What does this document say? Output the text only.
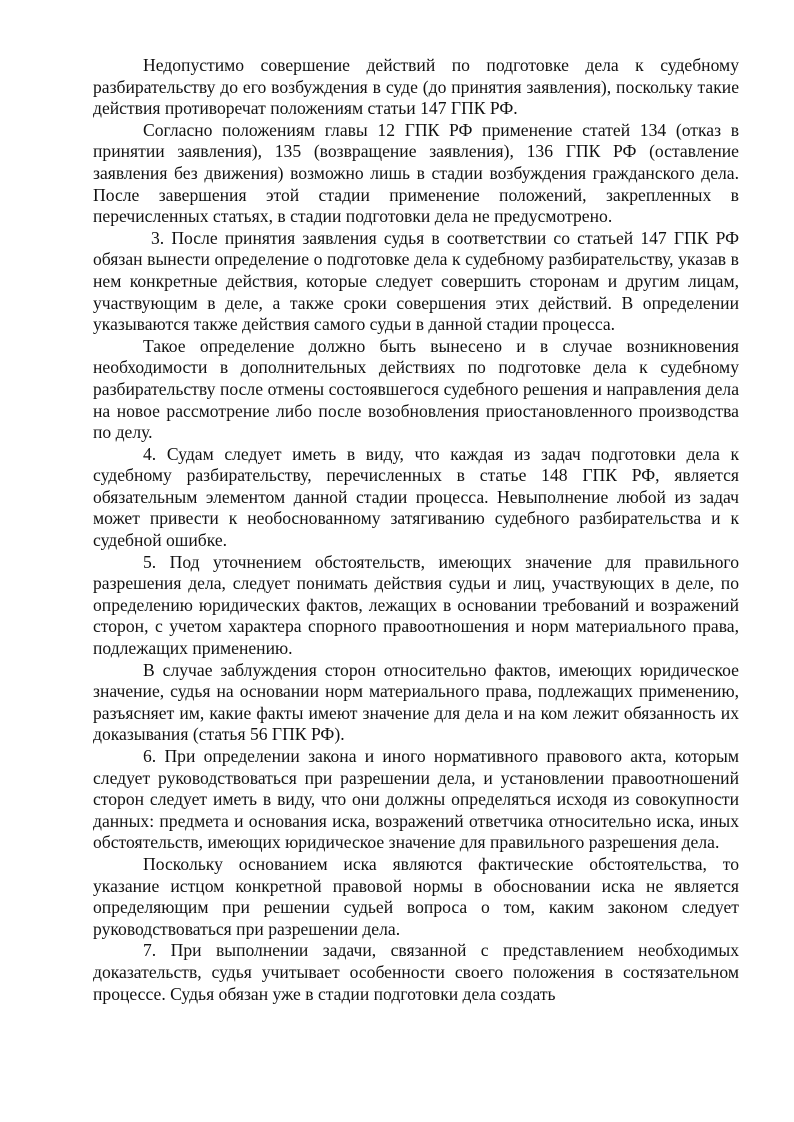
Недопустимо совершение действий по подготовке дела к судебному разбирательству до его возбуждения в суде (до принятия заявления), поскольку такие действия противоречат положениям статьи 147 ГПК РФ.

Согласно положениям главы 12 ГПК РФ применение статей 134 (отказ в принятии заявления), 135 (возвращение заявления), 136 ГПК РФ (оставление заявления без движения) возможно лишь в стадии возбуждения гражданского дела. После завершения этой стадии применение положений, закрепленных в перечисленных статьях, в стадии подготовки дела не предусмотрено.

3. После принятия заявления судья в соответствии со статьей 147 ГПК РФ обязан вынести определение о подготовке дела к судебному разбирательству, указав в нем конкретные действия, которые следует совершить сторонам и другим лицам, участвующим в деле, а также сроки совершения этих действий. В определении указываются также действия самого судьи в данной стадии процесса.

Такое определение должно быть вынесено и в случае возникновения необходимости в дополнительных действиях по подготовке дела к судебному разбирательству после отмены состоявшегося судебного решения и направления дела на новое рассмотрение либо после возобновления приостановленного производства по делу.

4. Судам следует иметь в виду, что каждая из задач подготовки дела к судебному разбирательству, перечисленных в статье 148 ГПК РФ, является обязательным элементом данной стадии процесса. Невыполнение любой из задач может привести к необоснованному затягиванию судебного разбирательства и к судебной ошибке.

5. Под уточнением обстоятельств, имеющих значение для правильного разрешения дела, следует понимать действия судьи и лиц, участвующих в деле, по определению юридических фактов, лежащих в основании требований и возражений сторон, с учетом характера спорного правоотношения и норм материального права, подлежащих применению.

В случае заблуждения сторон относительно фактов, имеющих юридическое значение, судья на основании норм материального права, подлежащих применению, разъясняет им, какие факты имеют значение для дела и на ком лежит обязанность их доказывания (статья 56 ГПК РФ).

6. При определении закона и иного нормативного правового акта, которым следует руководствоваться при разрешении дела, и установлении правоотношений сторон следует иметь в виду, что они должны определяться исходя из совокупности данных: предмета и основания иска, возражений ответчика относительно иска, иных обстоятельств, имеющих юридическое значение для правильного разрешения дела.

Поскольку основанием иска являются фактические обстоятельства, то указание истцом конкретной правовой нормы в обосновании иска не является определяющим при решении судьей вопроса о том, каким законом следует руководствоваться при разрешении дела.

7. При выполнении задачи, связанной с представлением необходимых доказательств, судья учитывает особенности своего положения в состязательном процессе. Судья обязан уже в стадии подготовки дела создать
